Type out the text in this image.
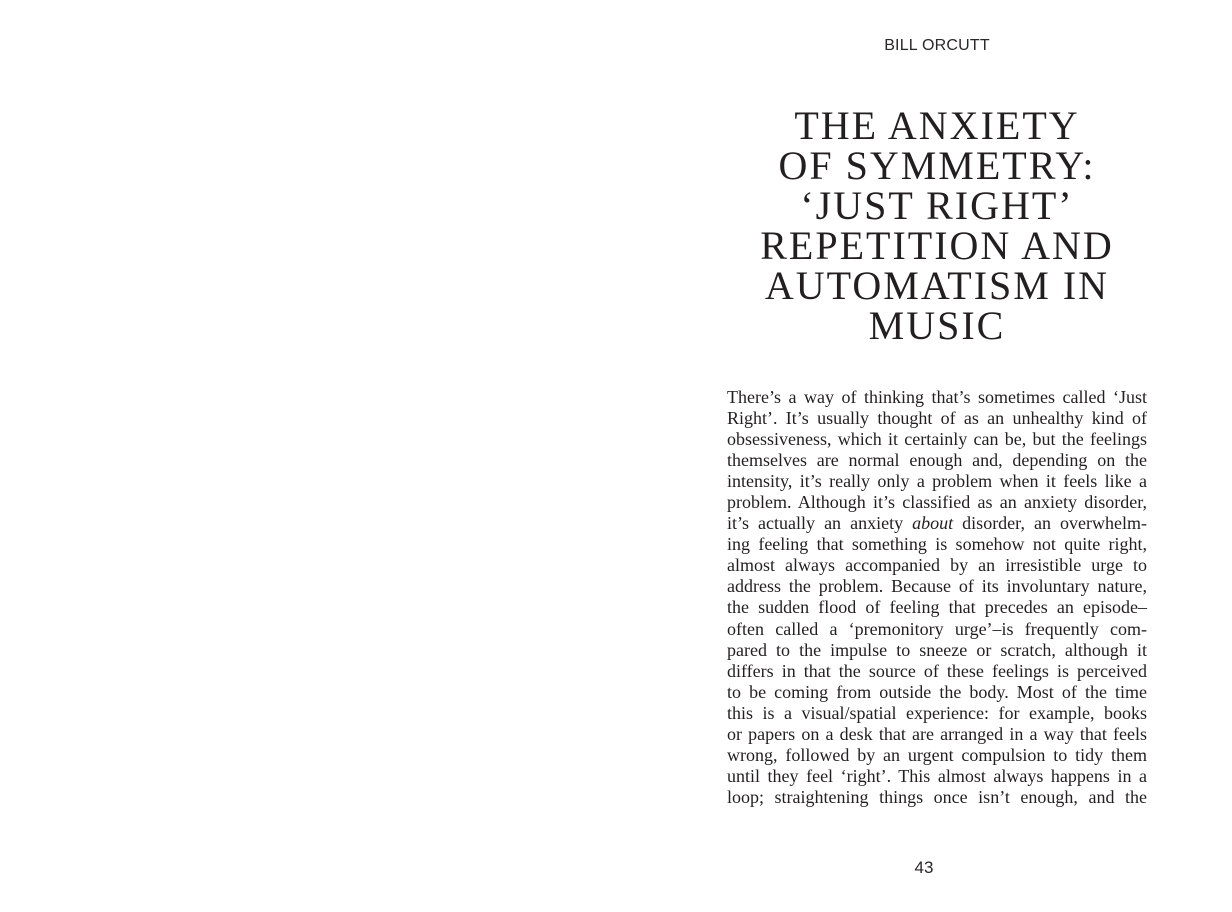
BILL ORCUTT
THE ANXIETY
OF SYMMETRY:
‘JUST RIGHT’
REPETITION AND
AUTOMATISM IN
MUSIC
There’s a way of thinking that’s sometimes called ‘Just
Right’. It’s usually thought of as an unhealthy kind of
obsessiveness, which it certainly can be, but the feelings
themselves are normal enough and, depending on the
intensity, it’s really only a problem when it feels like a
problem. Although it’s classified as an anxiety disorder,
it’s actually an anxiety about disorder, an overwhelm-
ing feeling that something is somehow not quite right,
almost always accompanied by an irresistible urge to
address the problem. Because of its involuntary nature,
the sudden flood of feeling that precedes an episode–
often called a ‘premonitory urge’–is frequently com-
pared to the impulse to sneeze or scratch, although it
differs in that the source of these feelings is perceived
to be coming from outside the body. Most of the time
this is a visual/spatial experience: for example, books
or papers on a desk that are arranged in a way that feels
wrong, followed by an urgent compulsion to tidy them
until they feel ‘right’. This almost always happens in a
loop; straightening things once isn’t enough, and the
43
